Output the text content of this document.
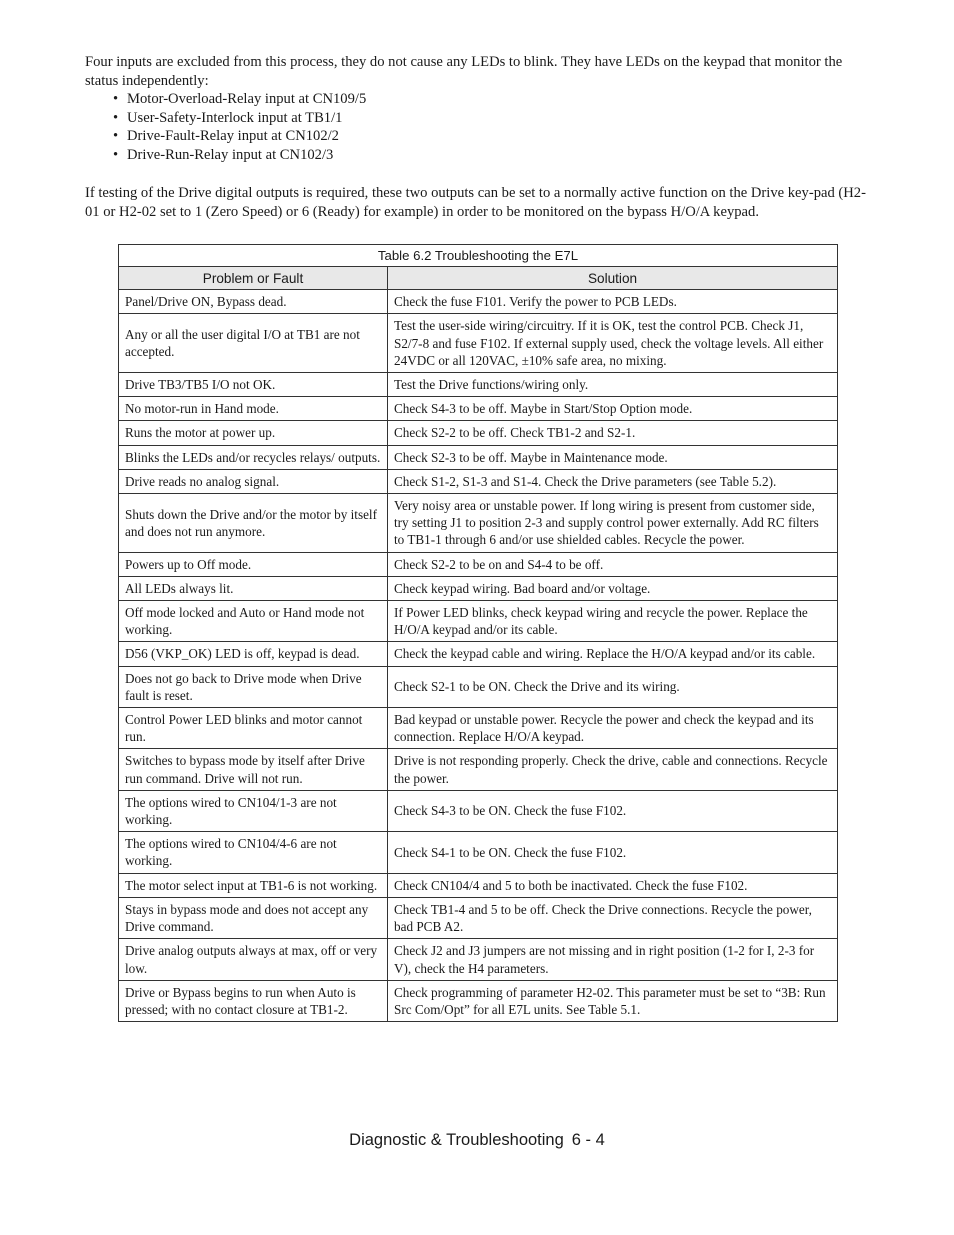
Four inputs are excluded from this process, they do not cause any LEDs to blink. They have LEDs on the keypad that monitor the status independently:

• Motor-Overload-Relay input at CN109/5
• User-Safety-Interlock input at TB1/1
• Drive-Fault-Relay input at CN102/2
• Drive-Run-Relay input at CN102/3

If testing of the Drive digital outputs is required, these two outputs can be set to a normally active function on the Drive key-pad (H2-01 or H2-02 set to 1 (Zero Speed) or 6 (Ready) for example) in order to be monitored on the bypass H/O/A keypad.

Table 6.2 Troubleshooting the E7L	
Problem or Fault	Solution
Panel/Drive ON, Bypass dead.	Check the fuse F101. Verify the power to PCB LEDs.
Any or all the user digital I/O at TB1 are not accepted.	Test the user-side wiring/circuitry. If it is OK, test the control PCB. Check J1, S2/7-8 and fuse F102. If external supply used, check the voltage levels. All either 24VDC or all 120VAC, ±10% safe area, no mixing.
Drive TB3/TB5 I/O not OK.	Test the Drive functions/wiring only.
No motor-run in Hand mode.	Check S4-3 to be off. Maybe in Start/Stop Option mode.
Runs the motor at power up.	Check S2-2 to be off. Check TB1-2 and S2-1.
Blinks the LEDs and/or recycles relays/ outputs.	Check S2-3 to be off. Maybe in Maintenance mode.
Drive reads no analog signal.	Check S1-2, S1-3 and S1-4. Check the Drive parameters (see Table 5.2).
Shuts down the Drive and/or the motor by itself and does not run anymore.	Very noisy area or unstable power. If long wiring is present from customer side, try setting J1 to position 2-3 and supply control power externally. Add RC filters to TB1-1 through 6 and/or use shielded cables. Recycle the power.
Powers up to Off mode.	Check S2-2 to be on and S4-4 to be off.
All LEDs always lit.	Check keypad wiring. Bad board and/or voltage.
Off mode locked and Auto or Hand mode not working.	If Power LED blinks, check keypad wiring and recycle the power. Replace the H/O/A keypad and/or its cable.
D56 (VKP_OK) LED is off, keypad is dead.	Check the keypad cable and wiring. Replace the H/O/A keypad and/or its cable.
Does not go back to Drive mode when Drive fault is reset.	Check S2-1 to be ON. Check the Drive and its wiring.
Control Power LED blinks and motor cannot run.	Bad keypad or unstable power. Recycle the power and check the keypad and its connection. Replace H/O/A keypad.
Switches to bypass mode by itself after Drive run command. Drive will not run.	Drive is not responding properly. Check the drive, cable and connections. Recycle the power.
The options wired to CN104/1-3 are not working.	Check S4-3 to be ON. Check the fuse F102.
The options wired to CN104/4-6 are not working.	Check S4-1 to be ON. Check the fuse F102.
The motor select input at TB1-6 is not working.	Check CN104/4 and 5 to both be inactivated. Check the fuse F102.
Stays in bypass mode and does not accept any Drive command.	Check TB1-4 and 5 to be off. Check the Drive connections. Recycle the power, bad PCB A2.
Drive analog outputs always at max, off or very low.	Check J2 and J3 jumpers are not missing and in right position (1-2 for I, 2-3 for V), check the H4 parameters.
Drive or Bypass begins to run when Auto is pressed; with no contact closure at TB1-2.	Check programming of parameter H2-02. This parameter must be set to “3B: Run Src Com/Opt” for all E7L units. See Table 5.1.
Diagnostic & Troubleshooting 6 - 4
